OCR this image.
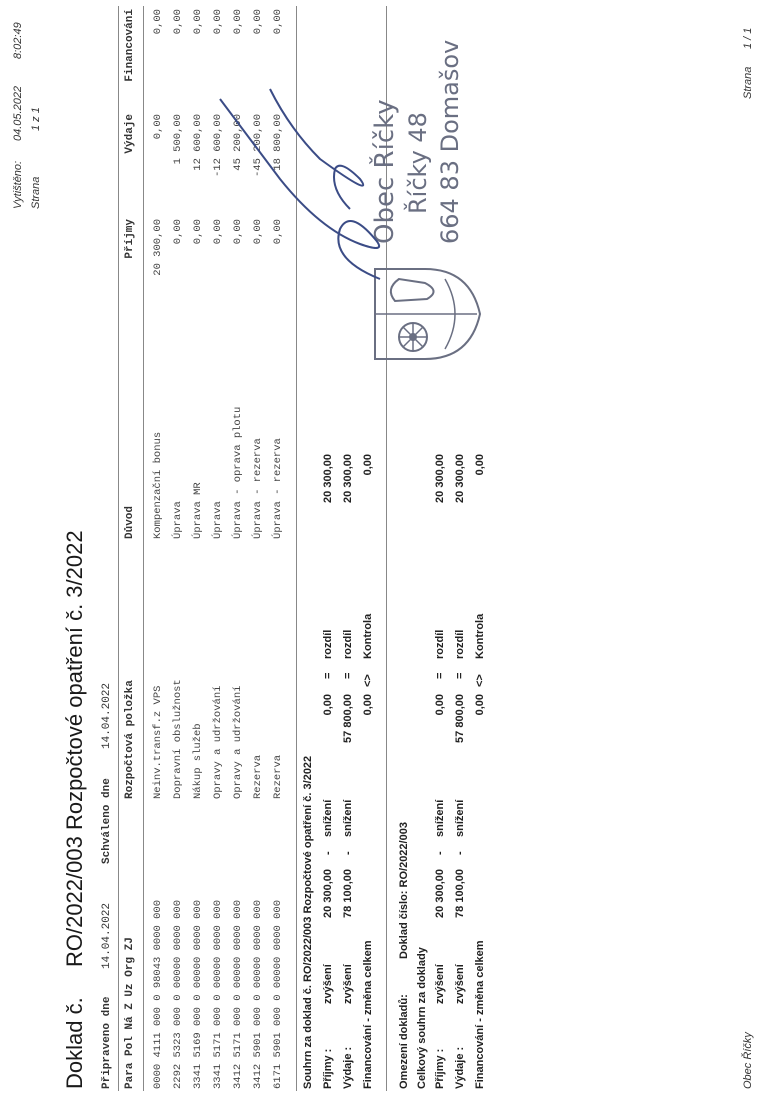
Vytištěno:
04.05.2022
8:02:49
Strana
1 z 1
Doklad č.  RO/2022/003 Rozpočtové opatření č. 3/2022
Připraveno dne
14.04.2022
Schváleno dne
14.04.2022
Para Pol Ná Z Uz Org ZJ
Rozpočtová položka
Důvod
Příjmy
Výdaje
Financování
0000 4111 000 0 98043 0000 000
Neinv.transf.z VPS
Kompenzační bonus
20 300,00
0,00
0,00
2292 5323 000 0 00000 0000 000
Dopravní obslužnost
Úprava
0,00
1 500,00
0,00
3341 5169 000 0 00000 0000 000
Nákup služeb
Úprava MR
0,00
12 600,00
0,00
3341 5171 000 0 00000 0000 000
Opravy a udržování
Úprava
0,00
-12 600,00
0,00
3412 5171 000 0 00000 0000 000
Opravy a udržování
Úprava - oprava plotu
0,00
45 200,00
0,00
3412 5901 000 0 00000 0000 000
Rezerva
Úprava - rezerva
0,00
-45 200,00
0,00
6171 5901 000 0 00000 0000 000
Rezerva
Úprava - rezerva
0,00
18 800,00
0,00
Souhrn za doklad č. RO/2022/003 Rozpočtové opatření č. 3/2022 Příjmy :
zvýšení
20 300,00
-
snížení
0,00
=
rozdíl
20 300,00
Výdaje :
zvýšení
78 100,00
-
snížení
57 800,00
=
rozdíl
20 300,00
Financování - změna celkem
0,00
<>
Kontrola
0,00
Omezení dokladů:
Doklad číslo: RO/2022/003
Celkový souhrn za doklady Příjmy :
zvýšení
20 300,00
-
snížení
0,00
=
rozdíl
20 300,00
Výdaje :
zvýšení
78 100,00
-
snížení
57 800,00
=
rozdíl
20 300,00
Financování - změna celkem
0,00
<>
Kontrola
0,00
Obec Říčky Říčky 48 664 83 Domašov
Obec Říčky
Strana
1 / 1
